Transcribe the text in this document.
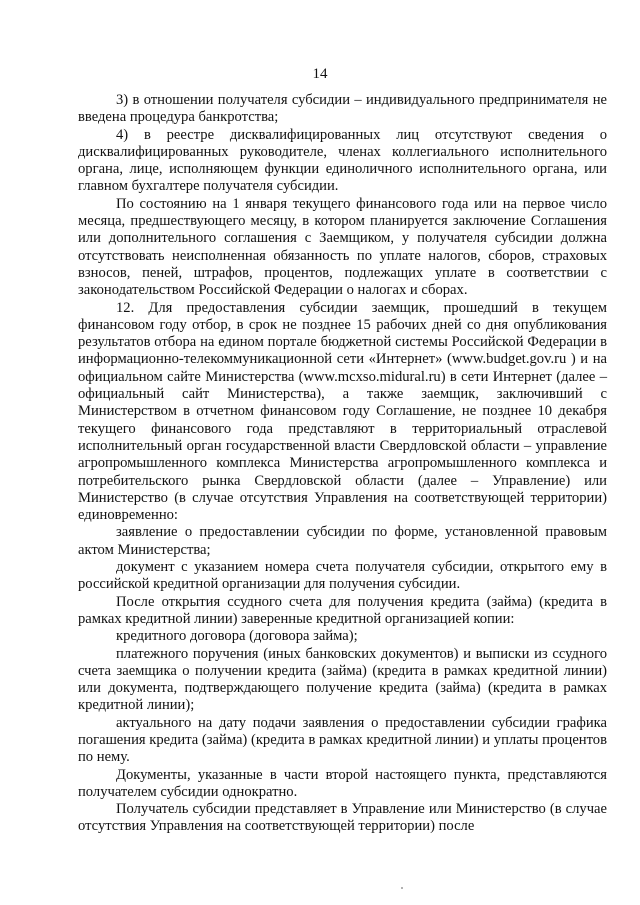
14

3) в отношении получателя субсидии – индивидуального предпринимателя не введена процедура банкротства;

4) в реестре дисквалифицированных лиц отсутствуют сведения о дисквалифицированных руководителе, членах коллегиального исполнительного органа, лице, исполняющем функции единоличного исполнительного органа, или главном бухгалтере получателя субсидии.

По состоянию на 1 января текущего финансового года или на первое число месяца, предшествующего месяцу, в котором планируется заключение Соглашения или дополнительного соглашения с Заемщиком, у получателя субсидии должна отсутствовать неисполненная обязанность по уплате налогов, сборов, страховых взносов, пеней, штрафов, процентов, подлежащих уплате в соответствии с законодательством Российской Федерации о налогах и сборах.

12. Для предоставления субсидии заемщик, прошедший в текущем финансовом году отбор, в срок не позднее 15 рабочих дней со дня опубликования результатов отбора на едином портале бюджетной системы Российской Федерации в информационно-телекоммуникационной сети «Интернет» (www.budget.gov.ru ) и на официальном сайте Министерства (www.mcxso.midural.ru) в сети Интернет (далее – официальный сайт Министерства), а также заемщик, заключивший с Министерством в отчетном финансовом году Соглашение, не позднее 10 декабря текущего финансового года представляют в территориальный отраслевой исполнительный орган государственной власти Свердловской области – управление агропромышленного комплекса Министерства агропромышленного комплекса и потребительского рынка Свердловской области (далее – Управление) или Министерство (в случае отсутствия Управления на соответствующей территории) единовременно:

заявление о предоставлении субсидии по форме, установленной правовым актом Министерства;

документ с указанием номера счета получателя субсидии, открытого ему в российской кредитной организации для получения субсидии.

После открытия ссудного счета для получения кредита (займа) (кредита в рамках кредитной линии) заверенные кредитной организацией копии:

кредитного договора (договора займа);

платежного поручения (иных банковских документов) и выписки из ссудного счета заемщика о получении кредита (займа) (кредита в рамках кредитной линии) или документа, подтверждающего получение кредита (займа) (кредита в рамках кредитной линии);

актуального на дату подачи заявления о предоставлении субсидии графика погашения кредита (займа) (кредита в рамках кредитной линии) и уплаты процентов по нему.

Документы, указанные в части второй настоящего пункта, представляются получателем субсидии однократно.

Получатель субсидии представляет в Управление или Министерство (в случае отсутствия Управления на соответствующей территории) после
